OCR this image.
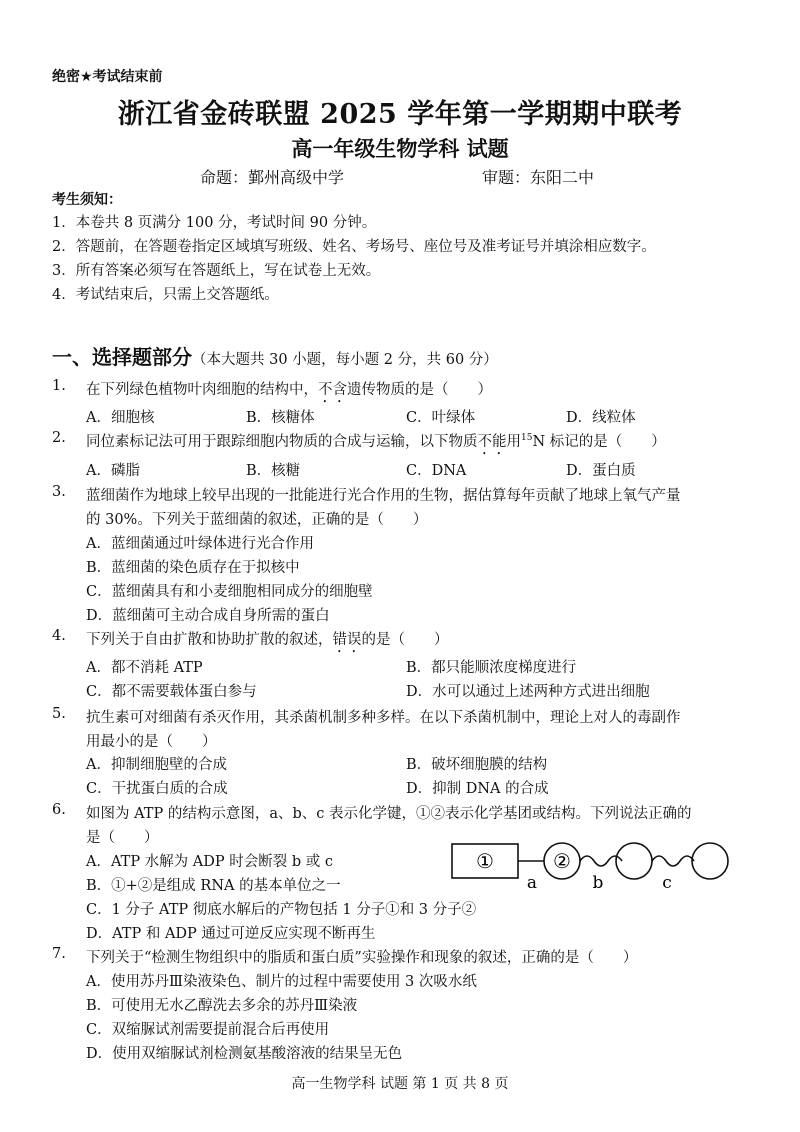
绝密★考试结束前
浙江省金砖联盟 2025 学年第一学期期中联考
高一年级生物学科 试题
命题：鄞州高级中学	审题：东阳二中
考生须知：
1．本卷共 8 页满分 100 分，考试时间 90 分钟。
2．答题前，在答题卷指定区域填写班级、姓名、考场号、座位号及准考证号并填涂相应数字。
3．所有答案必须写在答题纸上，写在试卷上无效。
4．考试结束后，只需上交答题纸。
一、选择题部分（本大题共 30 小题，每小题 2 分，共 60 分）
1. 在下列绿色植物叶肉细胞的结构中，不含遗传物质的是（　　）
A．细胞核	B．核糖体	C．叶绿体	D．线粒体
2. 同位素标记法可用于跟踪细胞内物质的合成与运输，以下物质不能用$^{15}$N 标记的是（　　）
A．磷脂	B．核糖	C．DNA	D．蛋白质
3. 蓝细菌作为地球上较早出现的一批能进行光合作用的生物，据估算每年贡献了地球上氧气产量
的 30%。下列关于蓝细菌的叙述，正确的是（　　）
A．蓝细菌通过叶绿体进行光合作用
B．蓝细菌的染色质存在于拟核中
C．蓝细菌具有和小麦细胞相同成分的细胞壁
D．蓝细菌可主动合成自身所需的蛋白
4. 下列关于自由扩散和协助扩散的叙述，错误的是（　　）
A．都不消耗 ATP	B．都只能顺浓度梯度进行
C．都不需要载体蛋白参与	D．水可以通过上述两种方式进出细胞
5. 抗生素可对细菌有杀灭作用，其杀菌机制多种多样。在以下杀菌机制中，理论上对人的毒副作
用最小的是（　　）
A．抑制细胞壁的合成	B．破坏细胞膜的结构
C．干扰蛋白质的合成	D．抑制 DNA 的合成
6. 如图为 ATP 的结构示意图，a、b、c 表示化学键，①②表示化学基团或结构。下列说法正确的
是（　　）
A．ATP 水解为 ADP 时会断裂 b 或 c
B．①+②是组成 RNA 的基本单位之一
C．1 分子 ATP 彻底水解后的产物包括 1 分子①和 3 分子②
D．ATP 和 ADP 通过可逆反应实现不断再生
①	②
a	b	c
7. 下列关于“检测生物组织中的脂质和蛋白质”实验操作和现象的叙述，正确的是（　　）
A．使用苏丹Ⅲ染液染色、制片的过程中需要使用 3 次吸水纸
B．可使用无水乙醇洗去多余的苏丹Ⅲ染液
C．双缩脲试剂需要提前混合后再使用
D．使用双缩脲试剂检测氨基酸溶液的结果呈无色
高一生物学科 试题 第 1 页 共 8 页
